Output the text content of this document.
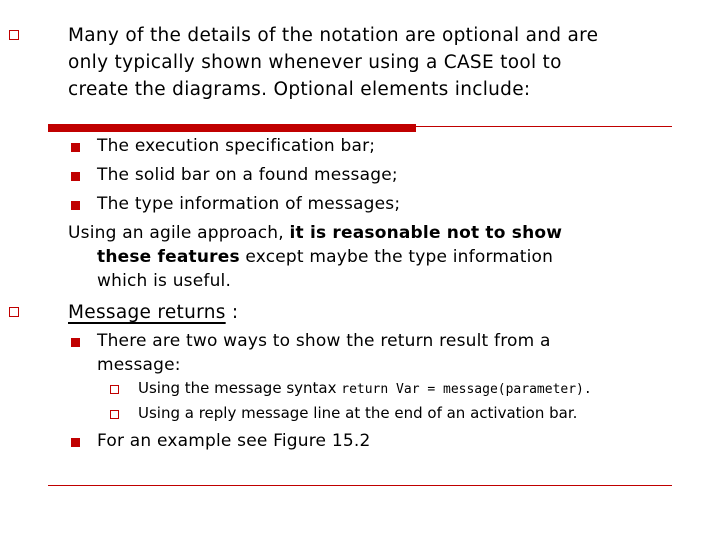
Many of the details of the notation are optional and are
only typically shown whenever using a CASE tool to
create the diagrams. Optional elements include:
The execution specification bar;
The solid bar on a found message;
The type information of messages;
Using an agile approach, it is reasonable not to show
these features except maybe the type information
which is useful.
Message returns :
There are two ways to show the return result from a
message:
Using the message syntax return Var = message(parameter).
Using a reply message line at the end of an activation bar.
For an example see Figure 15.2
